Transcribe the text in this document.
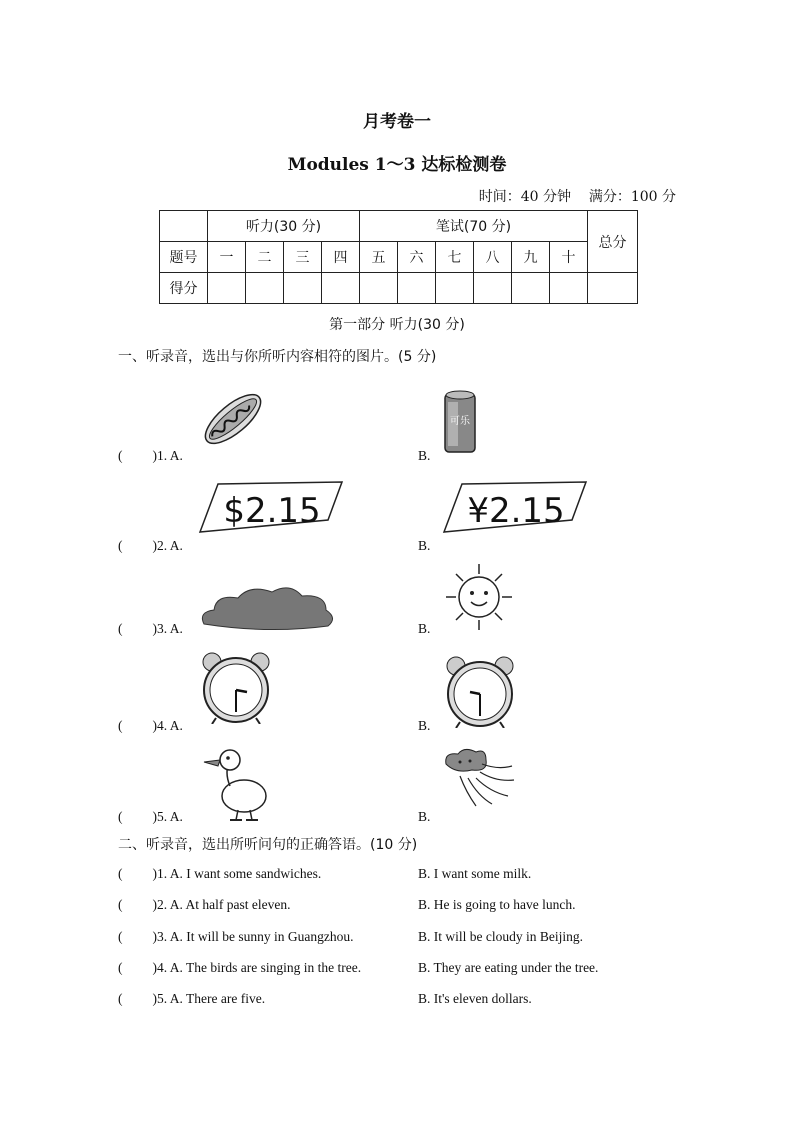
月考卷一
Modules 1～3 达标检测卷
时间：40 分钟 满分：100 分
	听力(30 分)				笔试(70 分)						总分
题号	一	二	三	四	五	六	七	八	九	十	
得分											
第一部分 听力(30 分)
一、听录音，选出与你所听内容相符的图片。(5 分)
( )1. A.	B.
( )2. A.	B.
( )3. A.	B.
( )4. A.	B.
( )5. A.	B.
可乐
$2.15	¥2.15
二、听录音，选出所听问句的正确答语。(10 分)
( )1. A. I want some sandwiches.	B. I want some milk.
( )2. A. At half past eleven.	B. He is going to have lunch.
( )3. A. It will be sunny in Guangzhou.	B. It will be cloudy in Beijing.
( )4. A. The birds are singing in the tree.	B. They are eating under the tree.
( )5. A. There are five.	B. It's eleven dollars.
